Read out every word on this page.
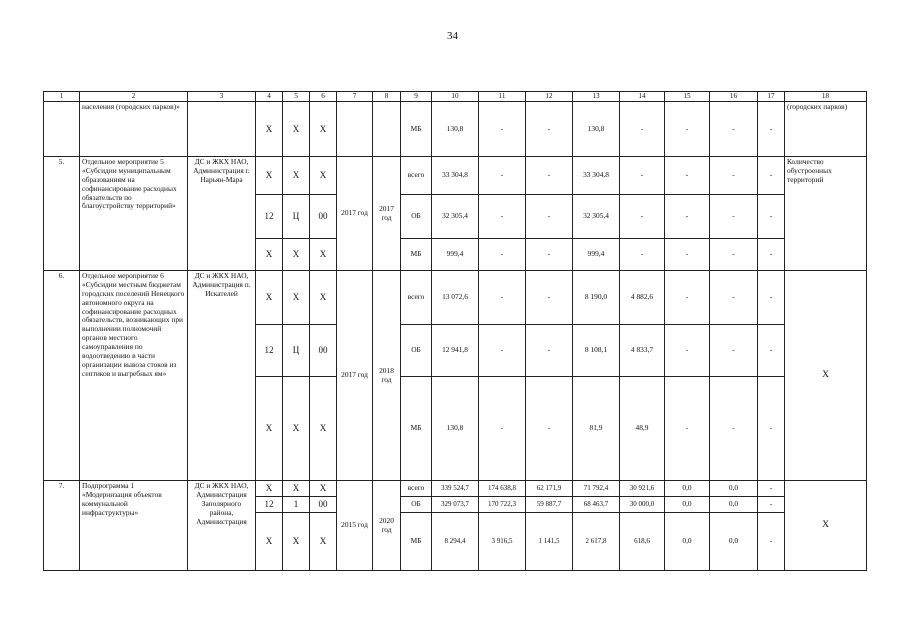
34
1	2	3	4	5	6	7	8	9	10	11	12	13	14	15	16	17	18
	населения (городских парков)»		Х	Х	Х			МБ	130,8	-	-	130,8	-	-	-	-	(городских парков)
5.	Отдельное мероприятие 5 «Субсидии муниципальным образованиям на софинансирование расходных обязательств по благоустройству территорий»	ДС и ЖКХ НАО, Администрация г. Нарьян-Мара	Х	Х	Х	2017 год	2017 год	всего	33 304,8	-	-	33 304,8	-	-	-	-	Количество обустроенных территорий
			12	Ц	00			ОБ	32 305,4	-	-	32 305,4	-	-	-	-	
			Х	Х	Х			МБ	999,4	-	-	999,4	-	-	-	-	
6.	Отдельное мероприятие 6 «Субсидии местным бюджетам городских поселений Ненецкого автономного округа на софинансирование расходных обязательств, возникающих при выполнении полномочий органов местного самоуправления по водоотведению в части организации вывоза стоков из септиков и выгребных ям»	ДС и ЖКХ НАО, Администрация п. Искателей	Х	Х	Х	2017 год	2018 год	всего	13 072,6	-	-	8 190,0	4 882,6	-	-	-	Х
			12	Ц	00			ОБ	12 941,8	-	-	8 108,1	4 833,7	-	-	-	
			Х	Х	Х			МБ	130,8	-	-	81,9	48,9	-	-	-	
7.	Подпрограмма 1 «Модернизация объектов коммунальной инфраструктуры»	ДС и ЖКХ НАО, Администрация Заполярного района, Администрация	Х	Х	Х	2015 год	2020 год	всего	339 524,7	174 638,8	62 171,9	71 792,4	30 921,6	0,0	0,0	-	Х
			12	1	00			ОБ	329 073,7	170 722,3	59 887,7	68 463,7	30 000,0	0,0	0,0	-	
			Х	Х	Х			МБ	8 294,4	3 916,5	1 141,5	2 617,8	618,6	0,0	0,0	-	
